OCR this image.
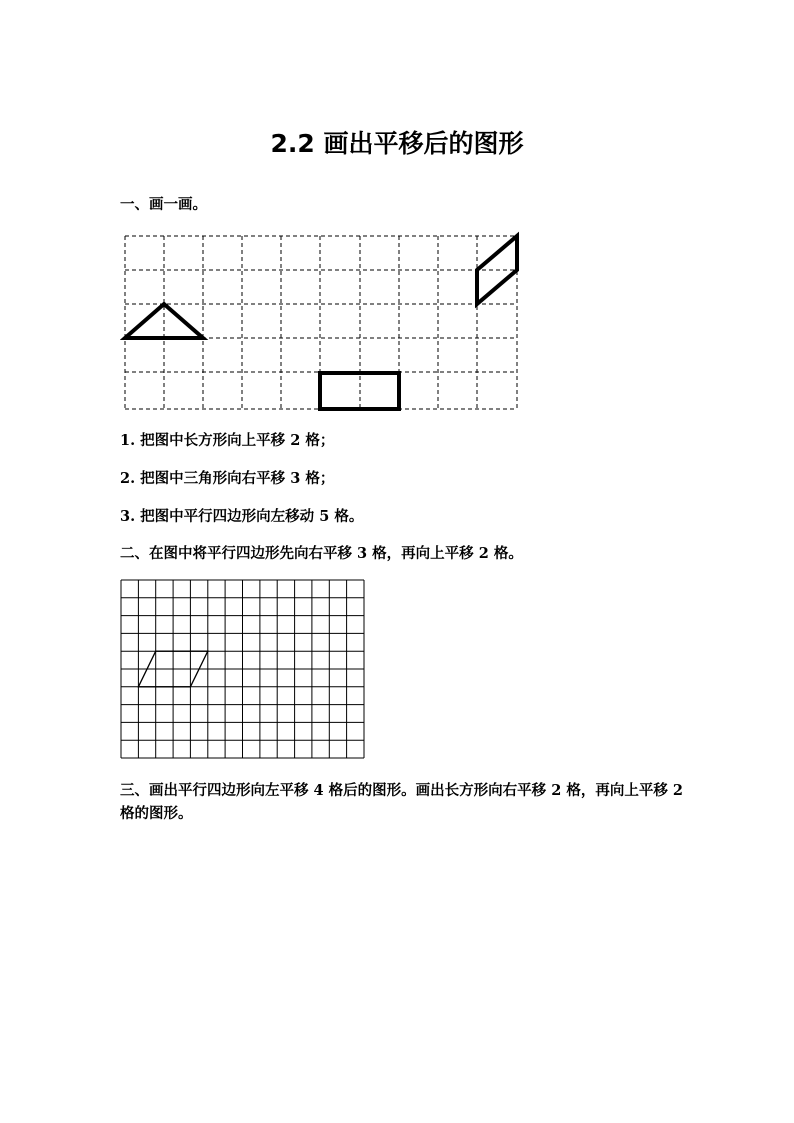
2.2 画出平移后的图形
一、画一画。
1. 把图中长方形向上平移 2 格；
2. 把图中三角形向右平移 3 格；
3. 把图中平行四边形向左移动 5 格。
二、在图中将平行四边形先向右平移 3 格，再向上平移 2 格。
三、画出平行四边形向左平移 4 格后的图形。画出长方形向右平移 2 格，再向上平移 2 格的图形。
